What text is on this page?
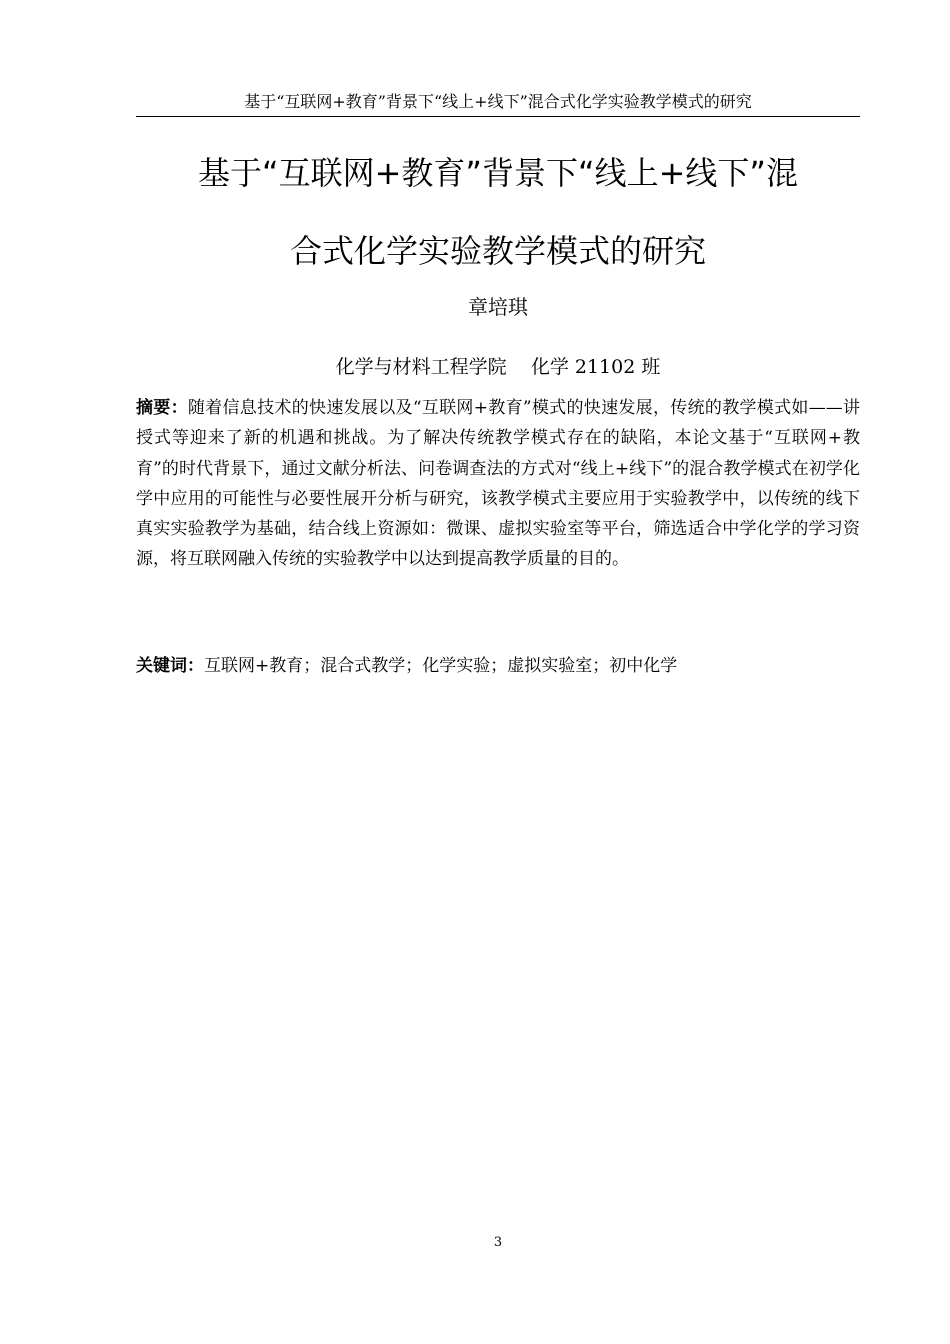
基于“互联网+教育”背景下“线上+线下”混合式化学实验教学模式的研究
基于“互联网+教育”背景下“线上+线下”混
合式化学实验教学模式的研究
章培琪
化学与材料工程学院    化学 21102 班

摘要：随着信息技术的快速发展以及“互联网+教育”模式的快速发展，传统的教学模式如——讲授式等迎来了新的机遇和挑战。为了解决传统教学模式存在的缺陷，本论文基于“互联网+教育”的时代背景下，通过文献分析法、问卷调查法的方式对“线上+线下”的混合教学模式在初学化学中应用的可能性与必要性展开分析与研究，该教学模式主要应用于实验教学中，以传统的线下真实实验教学为基础，结合线上资源如：微课、虚拟实验室等平台，筛选适合中学化学的学习资源，将互联网融入传统的实验教学中以达到提高教学质量的目的。

关键词：互联网+教育；混合式教学；化学实验；虚拟实验室；初中化学

3
